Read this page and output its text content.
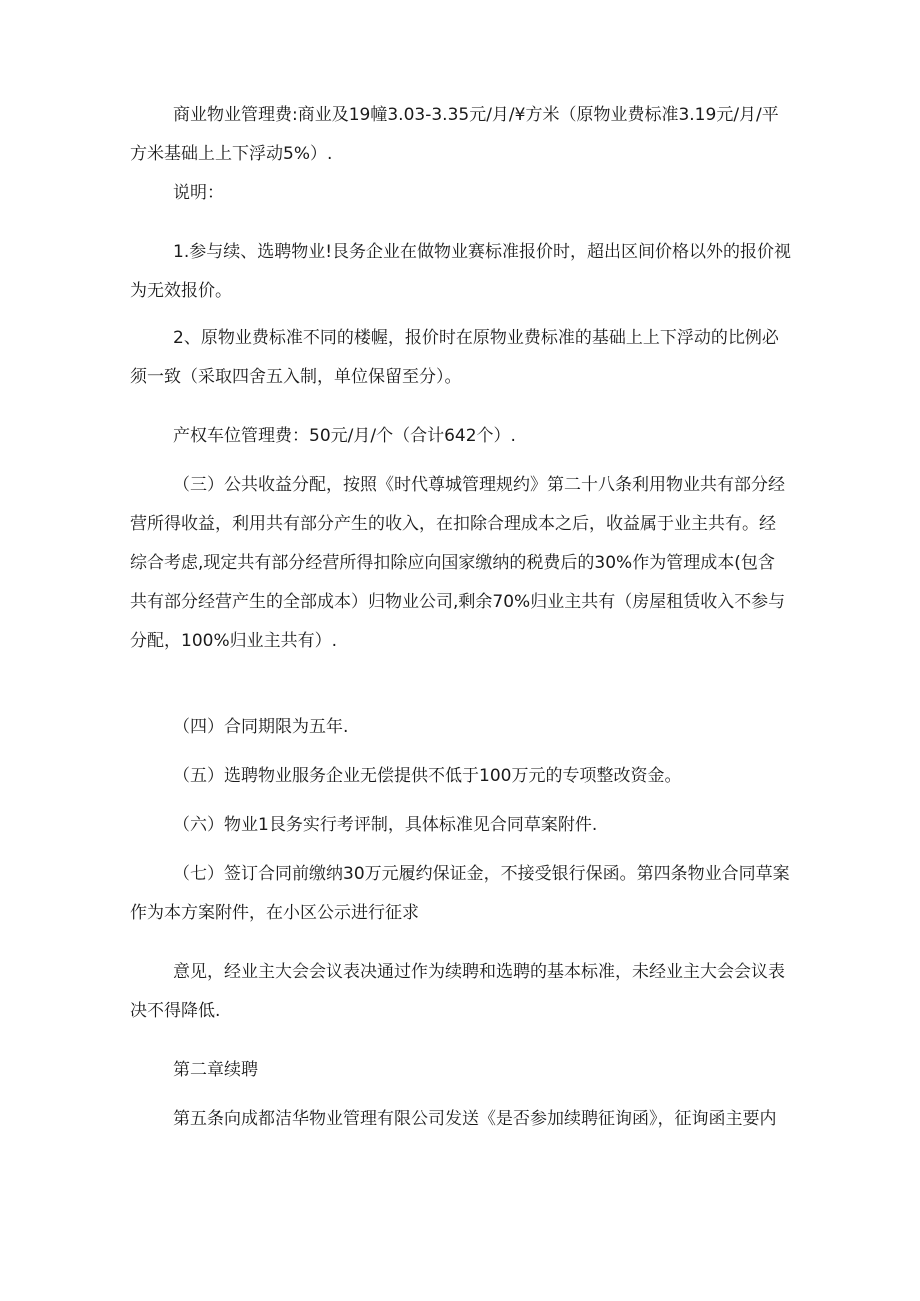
商业物业管理费:商业及19幢3.03-3.35元/月/¥方米（原物业费标准3.19元/月/平
方米基础上上下浮动5%）.
说明：
1.参与续、选聘物业!艮务企业在做物业赛标准报价时，超出区间价格以外的报价视
为无效报价。
2、原物业费标准不同的楼幄，报价时在原物业费标准的基础上上下浮动的比例必
须一致（采取四舍五入制，单位保留至分）。
产权车位管理费：50元/月/个（合计642个）.
（三）公共收益分配，按照《时代尊城管理规约》第二十八条利用物业共有部分经
营所得收益，利用共有部分产生的收入，在扣除合理成本之后，收益属于业主共有。经
综合考虑,现定共有部分经营所得扣除应向国家缴纳的税费后的30%作为管理成本(包含
共有部分经营产生的全部成本）归物业公司,剩余70%归业主共有（房屋租赁收入不参与
分配，100%归业主共有）.
（四）合同期限为五年.
（五）选聘物业服务企业无偿提供不低于100万元的专项整改资金。
（六）物业1艮务实行考评制，具体标准见合同草案附件.
（七）签订合同前缴纳30万元履约保证金，不接受银行保函。第四条物业合同草案
作为本方案附件，在小区公示进行征求
意见，经业主大会会议表决通过作为续聘和选聘的基本标准，未经业主大会会议表
决不得降低.
第二章续聘
第五条向成都洁华物业管理有限公司发送《是否参加续聘征询函》，征询函主要内
